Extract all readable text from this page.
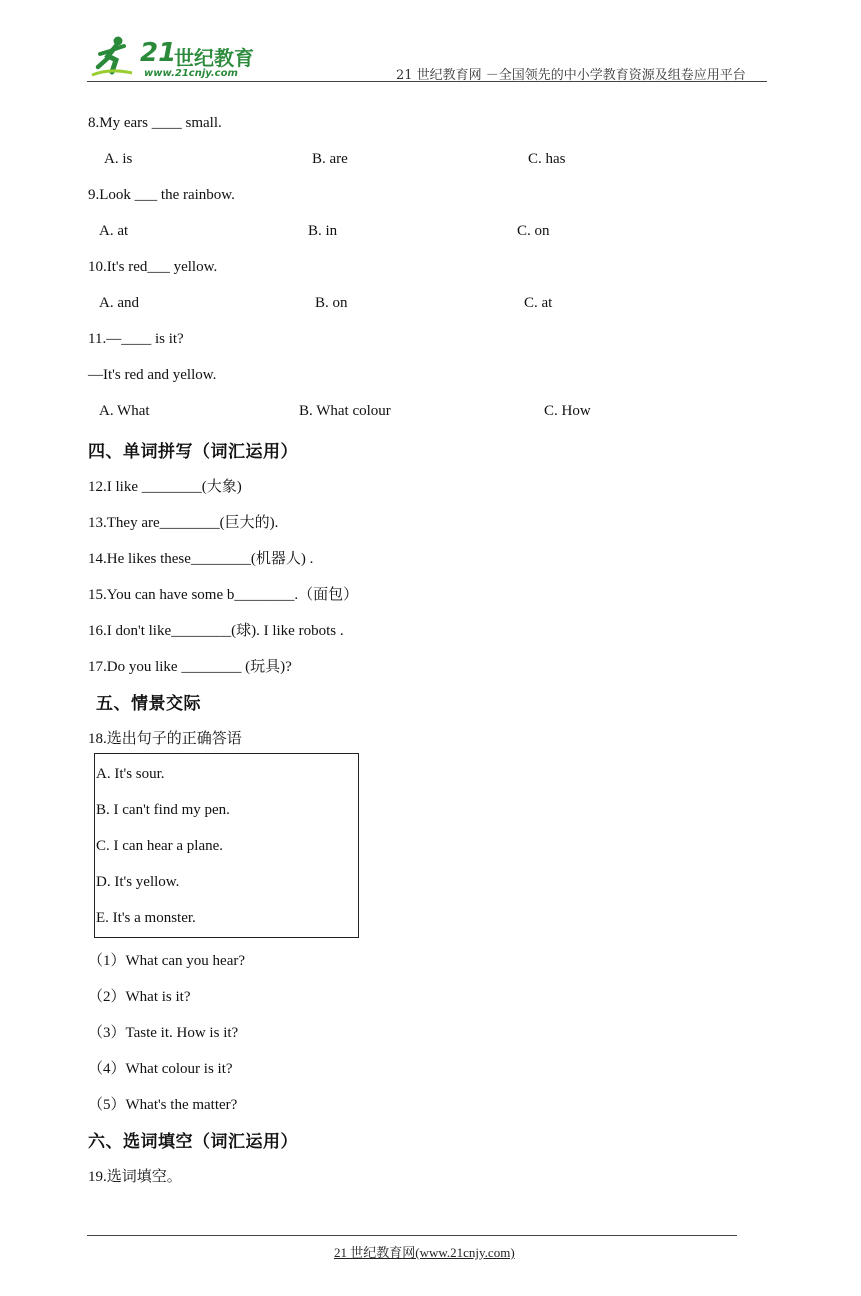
21
世纪教育
www.21cnjy.com	21 世纪教育网 －全国领先的中小学教育资源及组卷应用平台
8.My ears ____ small.
A. is	B. are	C. has
9.Look ___ the rainbow.
A. at	B. in	C. on
10.It's red___ yellow.
A. and	B. on	C. at
11.—____ is it?
—It's red and yellow.
A. What	B. What colour	C. How
四、单词拼写（词汇运用）
12.I like ________(大象)
13.They are________(巨大的).
14.He likes these________(机器人) .
15.You can have some b________.（面包）
16.I don't like________(球). I like robots .
17.Do you like ________ (玩具)?
五、情景交际
18.选出句子的正确答语
A. It's sour.
B. I can't find my pen.
C. I can hear a plane.
D. It's yellow.
E. It's a monster.
（1）What can you hear?
（2）What is it?
（3）Taste it. How is it?
（4）What colour is it?
（5）What's the matter?
六、选词填空（词汇运用）
19.选词填空。
21 世纪教育网(www.21cnjy.com)
